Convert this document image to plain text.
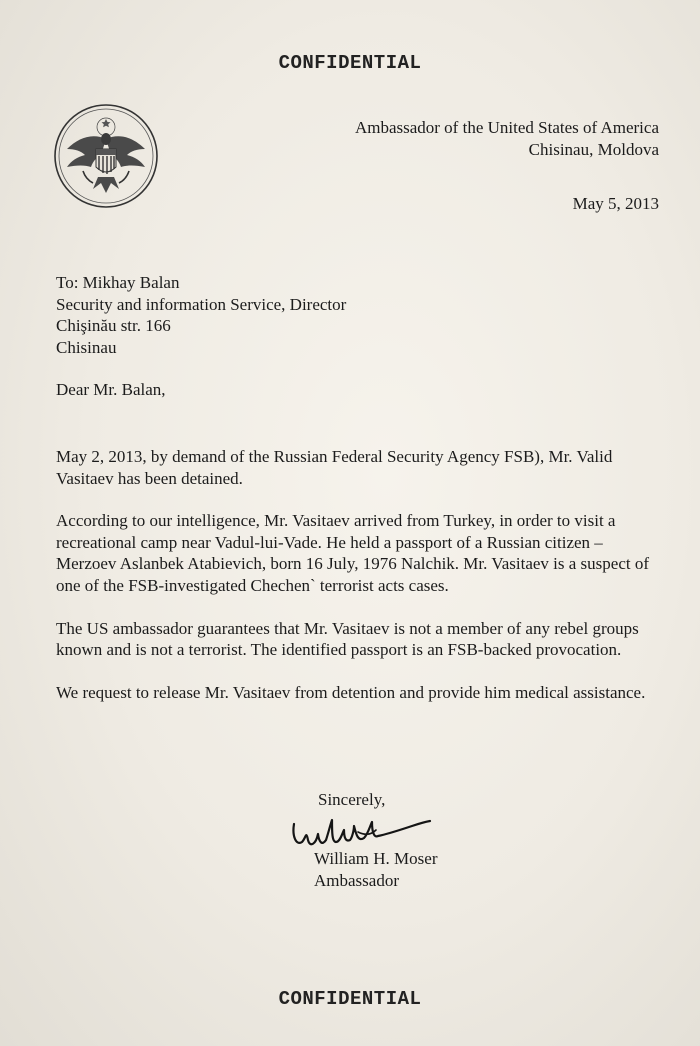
CONFIDENTIAL
Ambassador of the United States of America
Chisinau, Moldova
May 5, 2013
To: Mikhay Balan
Security and information Service, Director
Chişinău str. 166
Chisinau
Dear Mr. Balan,

May 2, 2013, by demand of the Russian Federal Security Agency FSB), Mr. Valid Vasitaev has been detained.

According to our intelligence, Mr. Vasitaev arrived from Turkey, in order to visit a recreational camp near Vadul-lui-Vade. He held a passport of a Russian citizen – Merzoev Aslanbek Atabievich, born 16 July, 1976 Nalchik. Mr. Vasitaev is a suspect of one of the FSB-investigated Chechen` terrorist acts cases.

The US ambassador guarantees that Mr. Vasitaev is not a member of any rebel groups known and is not a terrorist. The identified passport is an FSB-backed provocation.

We request to release Mr. Vasitaev from detention and provide him medical assistance.

Sincerely,
William H. Moser
Ambassador
CONFIDENTIAL
